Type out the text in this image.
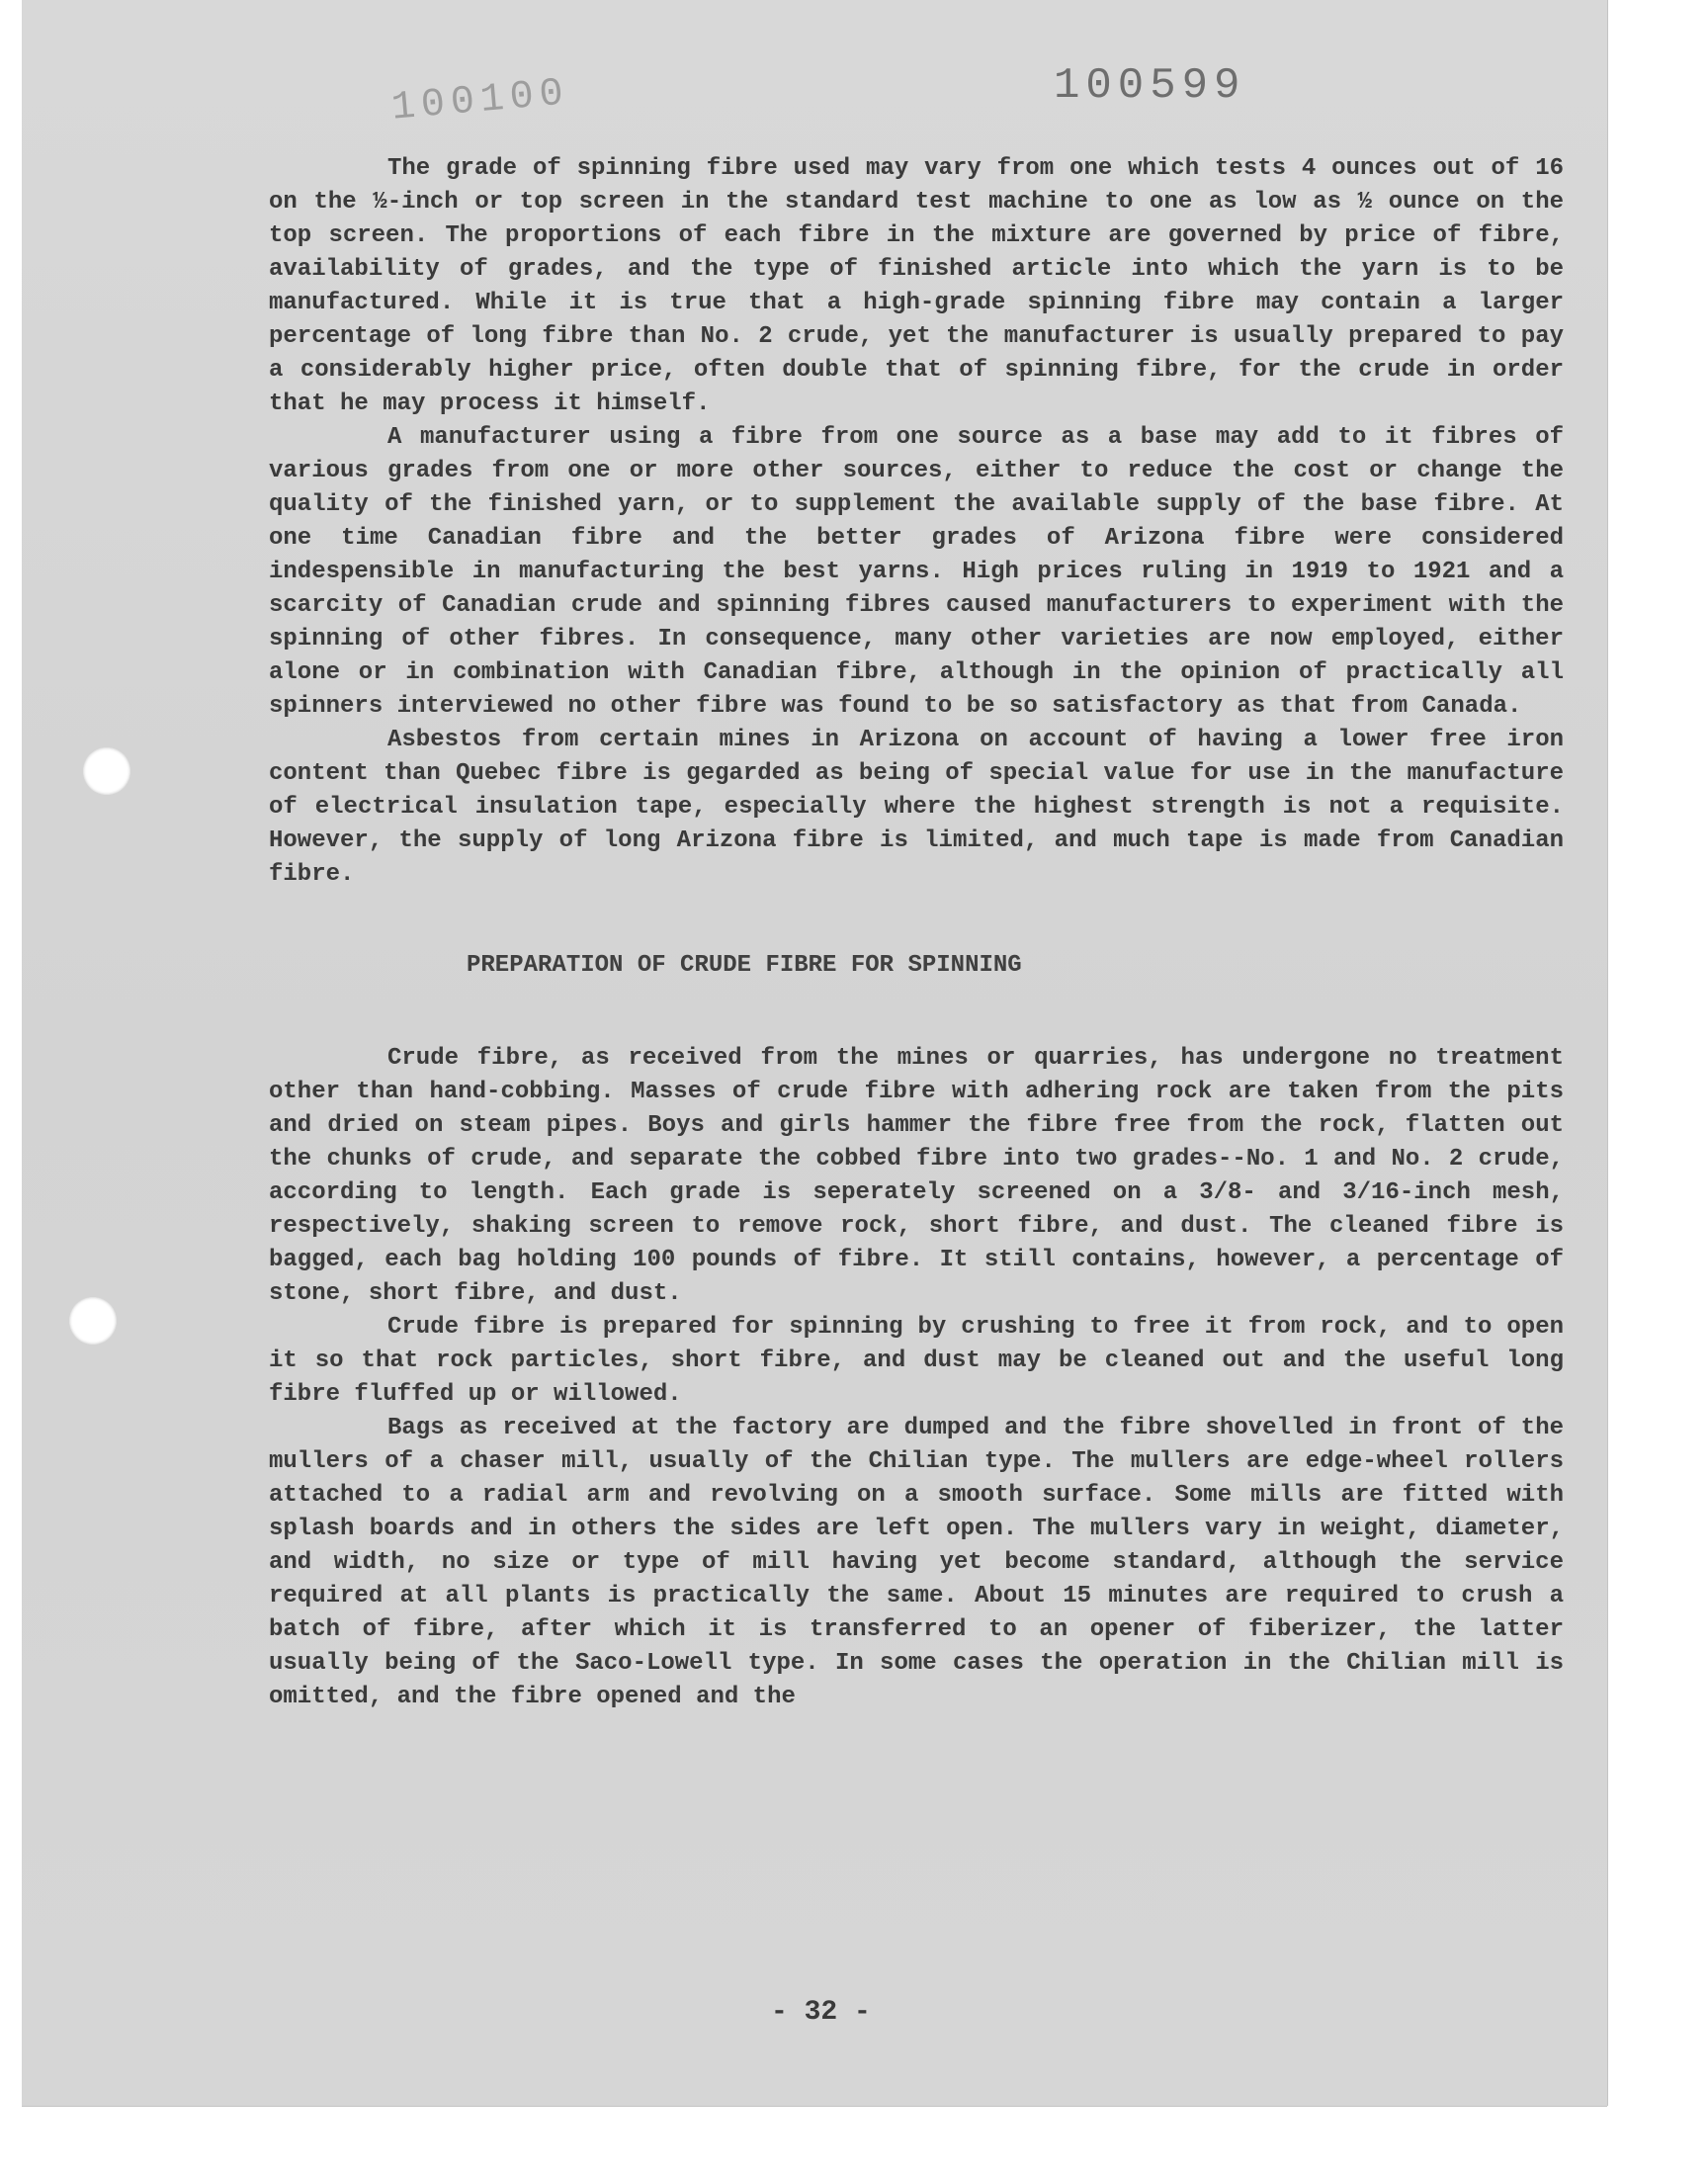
100100	100599

The grade of spinning fibre used may vary from one which tests 4 ounces out of 16 on the ½-inch or top screen in the standard test machine to one as low as ½ ounce on the top screen. The proportions of each fibre in the mixture are governed by price of fibre, availability of grades, and the type of finished article into which the yarn is to be manufactured. While it is true that a high-grade spinning fibre may contain a larger percentage of long fibre than No. 2 crude, yet the manufacturer is usually prepared to pay a considerably higher price, often double that of spinning fibre, for the crude in order that he may process it himself.

A manufacturer using a fibre from one source as a base may add to it fibres of various grades from one or more other sources, either to reduce the cost or change the quality of the finished yarn, or to supplement the available supply of the base fibre. At one time Canadian fibre and the better grades of Arizona fibre were considered indespensible in manufacturing the best yarns. High prices ruling in 1919 to 1921 and a scarcity of Canadian crude and spinning fibres caused manufacturers to experiment with the spinning of other fibres. In consequence, many other varieties are now employed, either alone or in combination with Canadian fibre, although in the opinion of practically all spinners interviewed no other fibre was found to be so satisfactory as that from Canada.

Asbestos from certain mines in Arizona on account of having a lower free iron content than Quebec fibre is gegarded as being of special value for use in the manufacture of electrical insulation tape, especially where the highest strength is not a requisite. However, the supply of long Arizona fibre is limited, and much tape is made from Canadian fibre.

PREPARATION OF CRUDE FIBRE FOR SPINNING

Crude fibre, as received from the mines or quarries, has undergone no treatment other than hand-cobbing. Masses of crude fibre with adhering rock are taken from the pits and dried on steam pipes. Boys and girls hammer the fibre free from the rock, flatten out the chunks of crude, and separate the cobbed fibre into two grades--No. 1 and No. 2 crude, according to length. Each grade is seperately screened on a 3/8- and 3/16-inch mesh, respectively, shaking screen to remove rock, short fibre, and dust. The cleaned fibre is bagged, each bag holding 100 pounds of fibre. It still contains, however, a percentage of stone, short fibre, and dust.

Crude fibre is prepared for spinning by crushing to free it from rock, and to open it so that rock particles, short fibre, and dust may be cleaned out and the useful long fibre fluffed up or willowed.

Bags as received at the factory are dumped and the fibre shovelled in front of the mullers of a chaser mill, usually of the Chilian type. The mullers are edge-wheel rollers attached to a radial arm and revolving on a smooth surface. Some mills are fitted with splash boards and in others the sides are left open. The mullers vary in weight, diameter, and width, no size or type of mill having yet become standard, although the service required at all plants is practically the same. About 15 minutes are required to crush a batch of fibre, after which it is transferred to an opener of fiberizer, the latter usually being of the Saco-Lowell type. In some cases the operation in the Chilian mill is omitted, and the fibre opened and the

- 32 -
